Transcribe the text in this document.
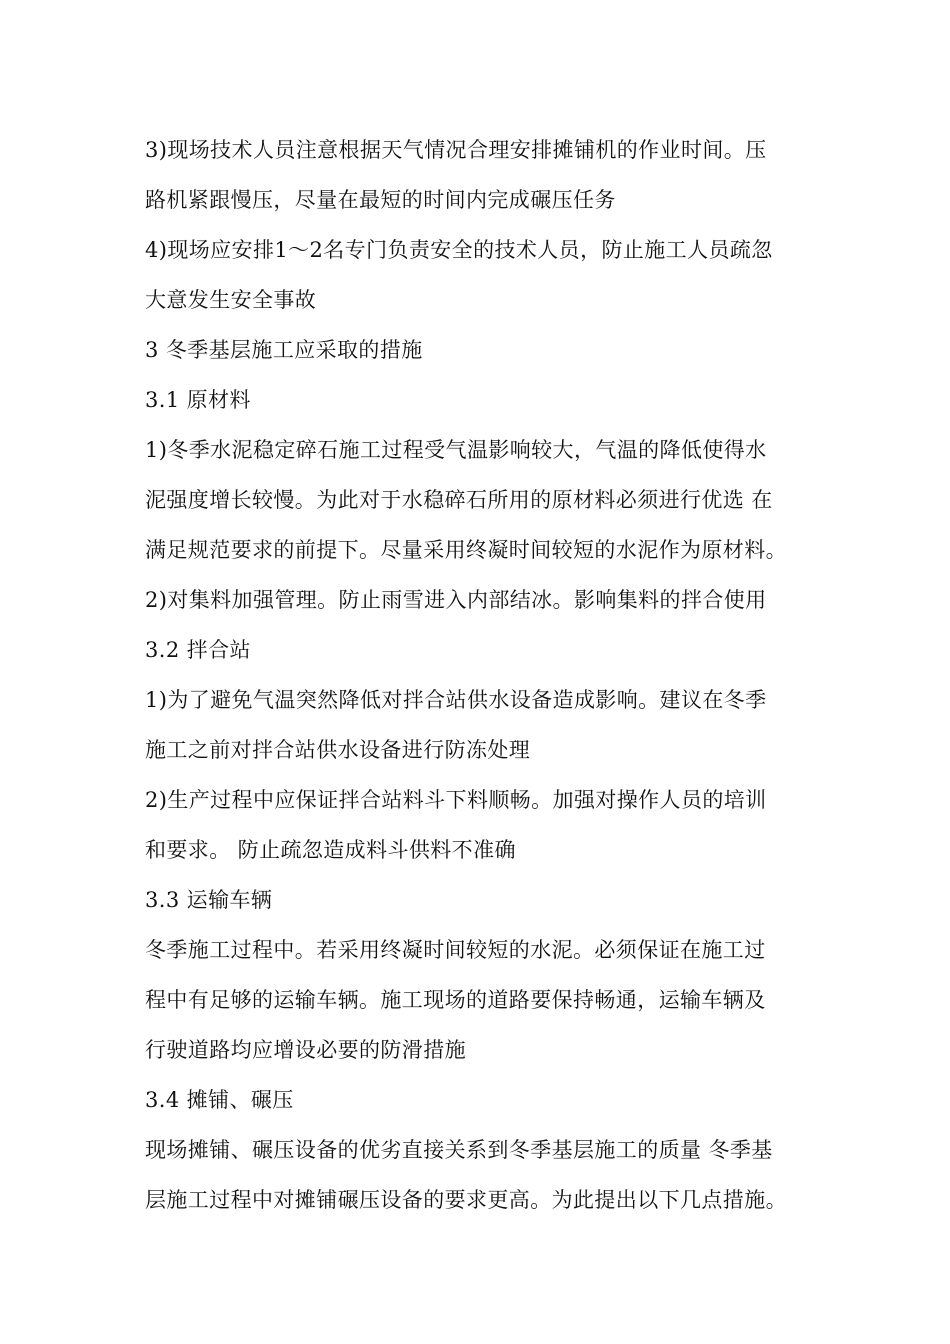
3)现场技术人员注意根据天气情况合理安排摊铺机的作业时间。压
路机紧跟慢压，尽量在最短的时间内完成碾压任务
4)现场应安排1～2名专门负责安全的技术人员，防止施工人员疏忽
大意发生安全事故
3 冬季基层施工应采取的措施
3.1 原材料
1)冬季水泥稳定碎石施工过程受气温影响较大，气温的降低使得水
泥强度增长较慢。为此对于水稳碎石所用的原材料必须进行优选 在
满足规范要求的前提下。尽量采用终凝时间较短的水泥作为原材料。
2)对集料加强管理。防止雨雪进入内部结冰。影响集料的拌合使用
3.2 拌合站
1)为了避免气温突然降低对拌合站供水设备造成影响。建议在冬季
施工之前对拌合站供水设备进行防冻处理
2)生产过程中应保证拌合站料斗下料顺畅。加强对操作人员的培训
和要求。 防止疏忽造成料斗供料不准确
3.3 运输车辆
冬季施工过程中。若采用终凝时间较短的水泥。必须保证在施工过
程中有足够的运输车辆。施工现场的道路要保持畅通，运输车辆及
行驶道路均应增设必要的防滑措施
3.4 摊铺、碾压
现场摊铺、碾压设备的优劣直接关系到冬季基层施工的质量 冬季基
层施工过程中对摊铺碾压设备的要求更高。为此提出以下几点措施。
